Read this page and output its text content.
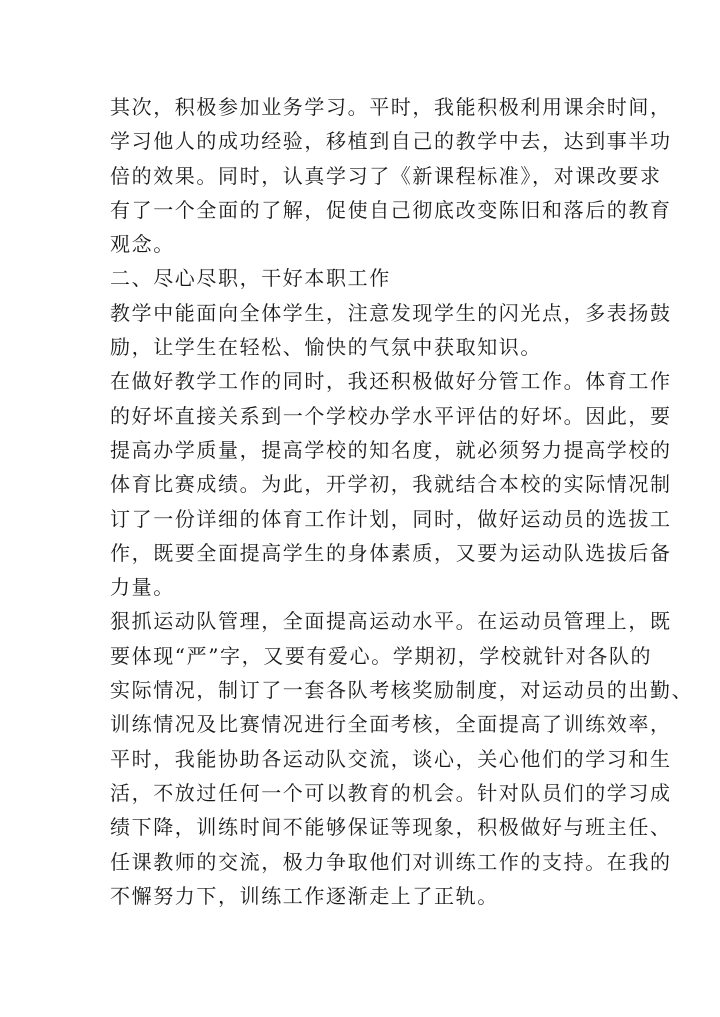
其次，积极参加业务学习。平时，我能积极利用课余时间，
学习他人的成功经验，移植到自己的教学中去，达到事半功
倍的效果。同时，认真学习了《新课程标准》，对课改要求
有了一个全面的了解，促使自己彻底改变陈旧和落后的教育
观念。
二、尽心尽职，干好本职工作
教学中能面向全体学生，注意发现学生的闪光点，多表扬鼓
励，让学生在轻松、愉快的气氛中获取知识。
在做好教学工作的同时，我还积极做好分管工作。体育工作
的好坏直接关系到一个学校办学水平评估的好坏。因此，要
提高办学质量，提高学校的知名度，就必须努力提高学校的
体育比赛成绩。为此，开学初，我就结合本校的实际情况制
订了一份详细的体育工作计划，同时，做好运动员的选拔工
作，既要全面提高学生的身体素质，又要为运动队选拔后备
力量。
狠抓运动队管理，全面提高运动水平。在运动员管理上，既
要体现“严”字，又要有爱心。学期初，学校就针对各队的
实际情况，制订了一套各队考核奖励制度，对运动员的出勤、
训练情况及比赛情况进行全面考核，全面提高了训练效率，
平时，我能协助各运动队交流，谈心，关心他们的学习和生
活，不放过任何一个可以教育的机会。针对队员们的学习成
绩下降，训练时间不能够保证等现象，积极做好与班主任、
任课教师的交流，极力争取他们对训练工作的支持。在我的
不懈努力下，训练工作逐渐走上了正轨。
